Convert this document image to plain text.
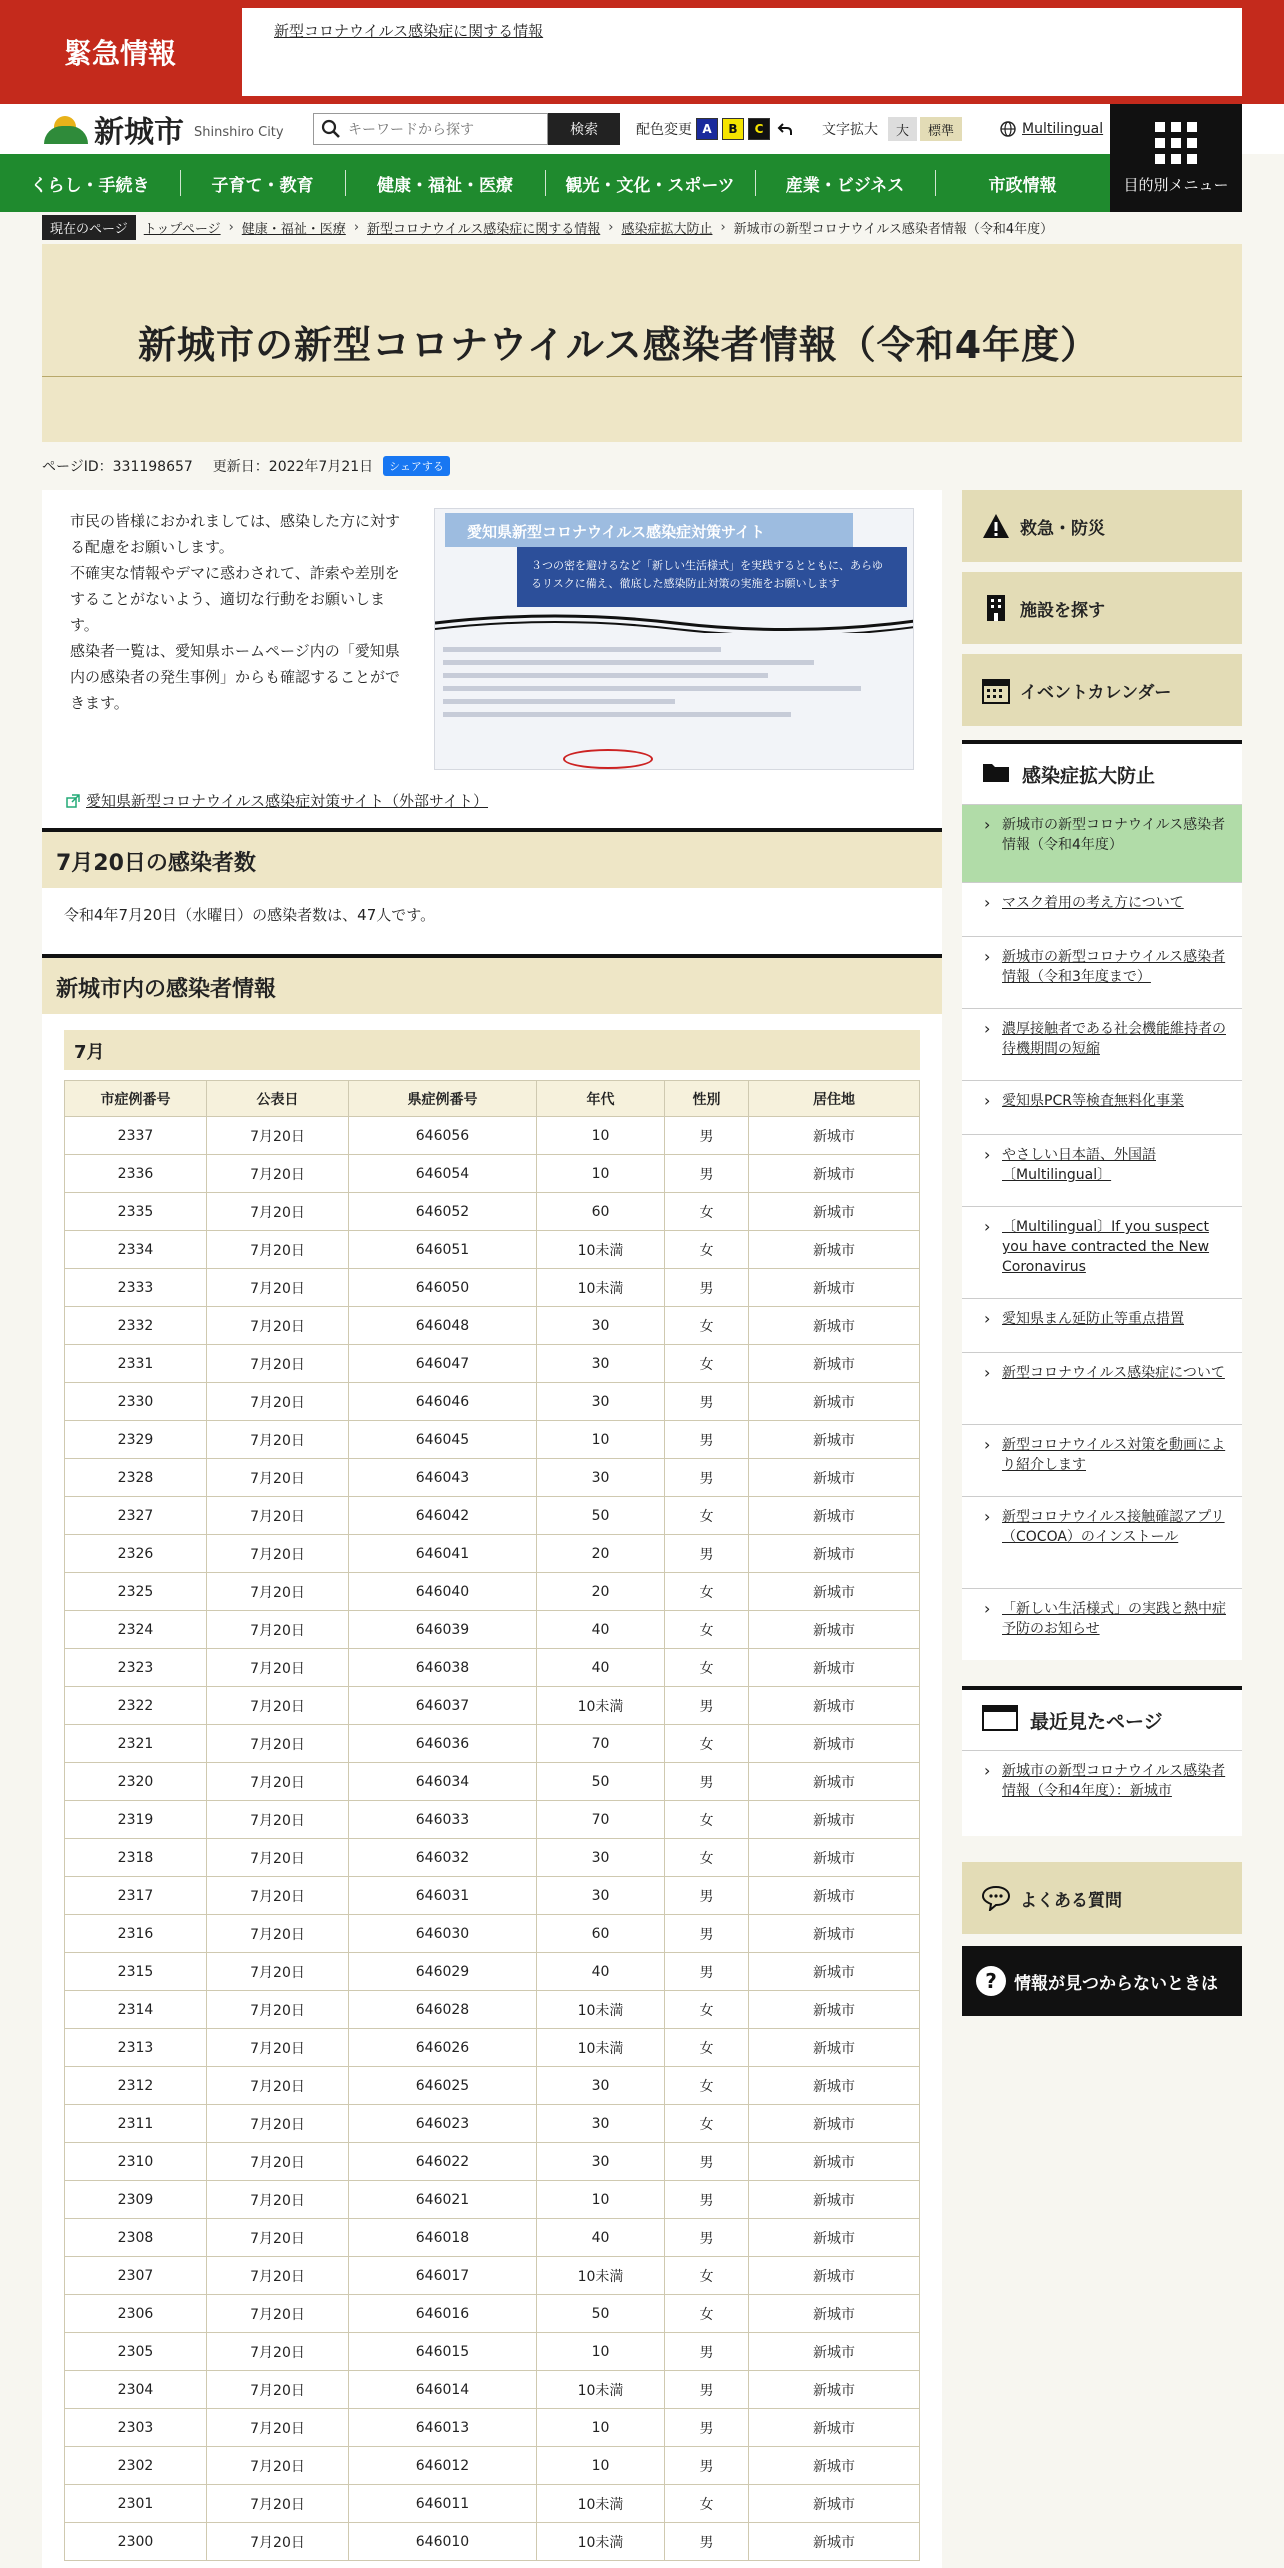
緊急情報
新型コロナウイルス感染症に関する情報
新城市 Shinshiro City
キーワードから探す	検索	配色変更 A	B	C	文字拡大	大	標準	Multilingual
目的別メニュー
くらし・手続き	子育て・教育	健康・福祉・医療	観光・文化・スポーツ	産業・ビジネス	市政情報
現在のページ	トップページ › 健康・福祉・医療 › 新型コロナウイルス感染症に関する情報 › 感染症拡大防止 › 新城市の新型コロナウイルス感染者情報（令和4年度）
新城市の新型コロナウイルス感染者情報（令和4年度）
ページID：331198657 更新日：2022年7月21日	シェアする

市民の皆様におかれましては、感染した方に対する配慮をお願いします。

不確実な情報やデマに惑わされて、詐索や差別をすることがないよう、適切な行動をお願いします。

感染者一覧は、愛知県ホームページ内の「愛知県内の感染者の発生事例」からも確認することができます。

愛知県新型コロナウイルス感染症対策サイト
３つの密を避けるなど「新しい生活様式」を実践するとともに、あらゆるリスクに備え、徹底した感染防止対策の実施をお願いします
愛知県新型コロナウイルス感染症対策サイト（外部サイト）
7月20日の感染者数
令和4年7月20日（水曜日）の感染者数は、47人です。
新城市内の感染者情報
7月
市症例番号	公表日	県症例番号	年代	性別	居住地
2337	7月20日	646056	10	男	新城市
2336	7月20日	646054	10	男	新城市
2335	7月20日	646052	60	女	新城市
2334	7月20日	646051	10未満	女	新城市
2333	7月20日	646050	10未満	男	新城市
2332	7月20日	646048	30	女	新城市
2331	7月20日	646047	30	女	新城市
2330	7月20日	646046	30	男	新城市
2329	7月20日	646045	10	男	新城市
2328	7月20日	646043	30	男	新城市
2327	7月20日	646042	50	女	新城市
2326	7月20日	646041	20	男	新城市
2325	7月20日	646040	20	女	新城市
2324	7月20日	646039	40	女	新城市
2323	7月20日	646038	40	女	新城市
2322	7月20日	646037	10未満	男	新城市
2321	7月20日	646036	70	女	新城市
2320	7月20日	646034	50	男	新城市
2319	7月20日	646033	70	女	新城市
2318	7月20日	646032	30	女	新城市
2317	7月20日	646031	30	男	新城市
2316	7月20日	646030	60	男	新城市
2315	7月20日	646029	40	男	新城市
2314	7月20日	646028	10未満	女	新城市
2313	7月20日	646026	10未満	女	新城市
2312	7月20日	646025	30	女	新城市
2311	7月20日	646023	30	女	新城市
2310	7月20日	646022	30	男	新城市
2309	7月20日	646021	10	男	新城市
2308	7月20日	646018	40	男	新城市
2307	7月20日	646017	10未満	女	新城市
2306	7月20日	646016	50	女	新城市
2305	7月20日	646015	10	男	新城市
2304	7月20日	646014	10未満	男	新城市
2303	7月20日	646013	10	男	新城市
2302	7月20日	646012	10	男	新城市
2301	7月20日	646011	10未満	女	新城市
2300	7月20日	646010	10未満	男	新城市
救急・防災
施設を探す
イベントカレンダー
感染症拡大防止
› 新城市の新型コロナウイルス感染者情報（令和4年度）
› マスク着用の考え方について
› 新城市の新型コロナウイルス感染者情報（令和3年度まで）
› 濃厚接触者である社会機能維持者の待機期間の短縮
› 愛知県PCR等検査無料化事業
› やさしい日本語、外国語〔Multilingual〕
› 〔Multilingual〕If you suspect you have contracted the New Coronavirus
› 愛知県まん延防止等重点措置
› 新型コロナウイルス感染症について
› 新型コロナウイルス対策を動画により紹介します
› 新型コロナウイルス接触確認アプリ（COCOA）のインストール
› 「新しい生活様式」の実践と熱中症予防のお知らせ
最近見たページ
› 新城市の新型コロナウイルス感染者情報（令和4年度）：新城市
よくある質問
?	情報が見つからないときは
